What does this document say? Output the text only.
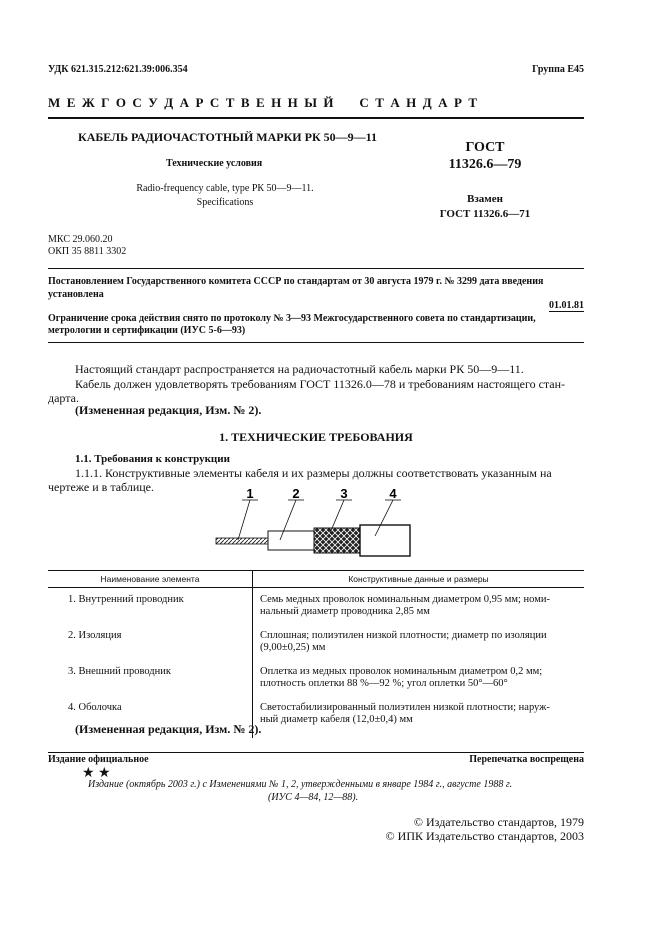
УДК 621.315.212:621.39:006.354	Группа Е45
М Е Ж Г О С У Д А Р С Т В Е Н Н Ы Й     С Т А Н Д А Р Т
КАБЕЛЬ РАДИОЧАСТОТНЫЙ МАРКИ РК 50—9—11
Технические условия
Radio-frequency cable, type РК 50—9—11.
Specifications
ГОСТ
11326.6—79
Взамен
ГОСТ 11326.6—71
МКС 29.060.20
ОКП 35 8811 3302
Постановлением Государственного комитета СССР по стандартам от 30 августа 1979 г. № 3299 дата введения
установлена
01.01.81
Ограничение срока действия снято по протоколу № 3—93 Межгосударственного совета по стандартизации,
метрологии и сертификации (ИУС 5-6—93)
Настоящий стандарт распространяется на радиочастотный кабель марки РК 50—9—11.
Кабель должен удовлетворять требованиям ГОСТ 11326.0—78 и требованиям настоящего стан-
дарта.
(Измененная редакция, Изм. № 2).
1. ТЕХНИЧЕСКИЕ ТРЕБОВАНИЯ
1.1. Требования к конструкции
1.1.1. Конструктивные элементы кабеля и их размеры должны соответствовать указанным на
чертеже и в таблице.	1	2	3	4
Наименование элемента	Конструктивные данные и размеры
1. Внутренний проводник	Семь медных проволок номинальным диаметром 0,95 мм; номи-
нальный диаметр проводника 2,85 мм

2. Изоляция	Сплошная; полиэтилен низкой плотности; диаметр по изоляции
(9,00±0,25) мм

3. Внешний проводник	Оплетка из медных проволок номинальным диаметром 0,2 мм;
плотность оплетки 88 %—92 %; угол оплетки 50°—60°

4. Оболочка	Светостабилизированный полиэтилен низкой плотности; наруж-
ный диаметр кабеля (12,0±0,4) мм
(Измененная редакция, Изм. № 2).
Издание официальное	Перепечатка воспрещена
★ ★
Издание (октябрь 2003 г.) с Изменениями № 1, 2, утвержденными в январе 1984 г., августе 1988 г.
(ИУС 4—84, 12—88).
© Издательство стандартов, 1979
© ИПК Издательство стандартов, 2003
